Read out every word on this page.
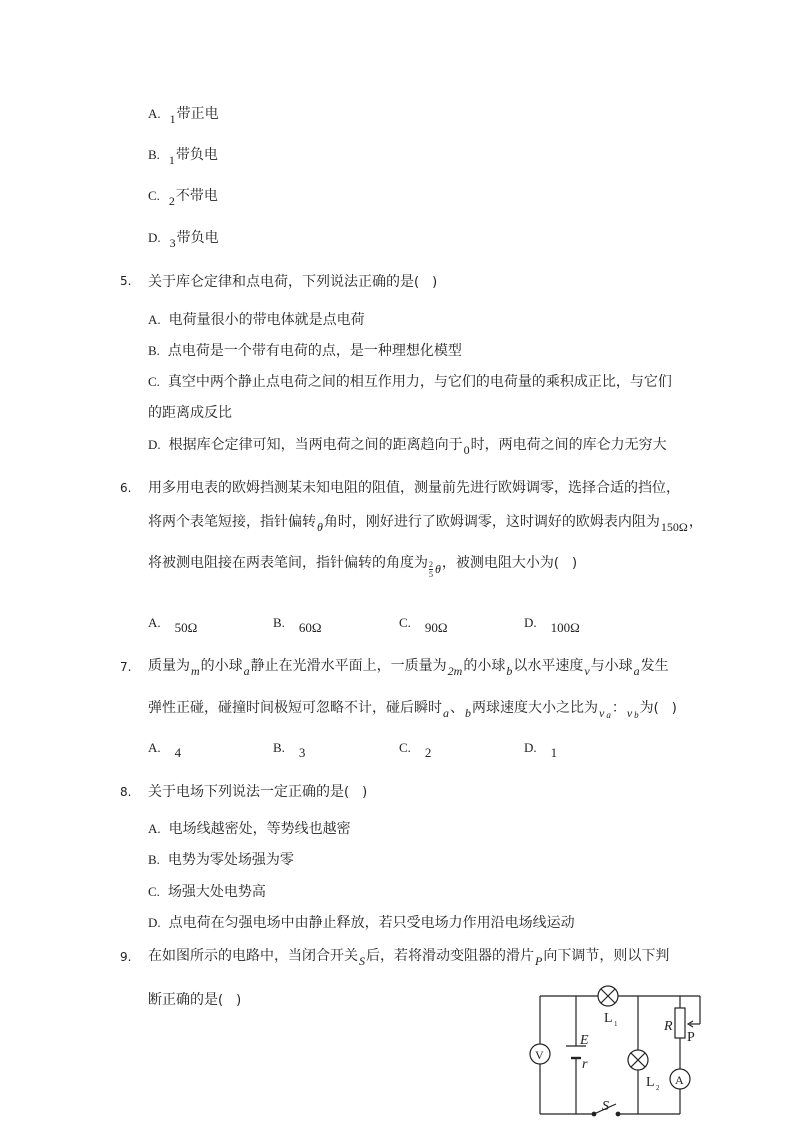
A. 1带正电
B. 1带负电
C. 2不带电
D. 3带负电
5. 关于库仑定律和点电荷，下列说法正确的是(　)
A. 电荷量很小的带电体就是点电荷
B. 点电荷是一个带有电荷的点，是一种理想化模型
C. 真空中两个静止点电荷之间的相互作用力，与它们的电荷量的乘积成正比，与它们
的距离成反比
D. 根据库仑定律可知，当两电荷之间的距离趋向于0时，两电荷之间的库仑力无穷大
6. 用多用电表的欧姆挡测某未知电阻的阻值，测量前先进行欧姆调零，选择合适的挡位，
将两个表笔短接，指针偏转θ角时，刚好进行了欧姆调零，这时调好的欧姆表内阻为150Ω，
将被测电阻接在两表笔间，指针偏转的角度为$\frac{2}{5}$ θ，被测电阻大小为(　)
A. 50Ω	B. 60Ω	C. 90Ω	D. 100Ω
7. 质量为m的小球a静止在光滑水平面上，一质量为2m的小球b以水平速度v与小球a发生
弹性正碰，碰撞时间极短可忽略不计，碰后瞬时a、b两球速度大小之比为v $_a$：v $_b$为(　)
A. 4	B. 3	C. 2	D. 1
8. 关于电场下列说法一定正确的是(　)
A. 电场线越密处，等势线也越密
B. 电势为零处场强为零
C. 场强大处电势高
D. 点电荷在匀强电场中由静止释放，若只受电场力作用沿电场线运动
9. 在如图所示的电路中，当闭合开关S后，若将滑动变阻器的滑片P向下调节，则以下判
断正确的是(　)
L 1
L 2
E
r
R
P
V
A
S
